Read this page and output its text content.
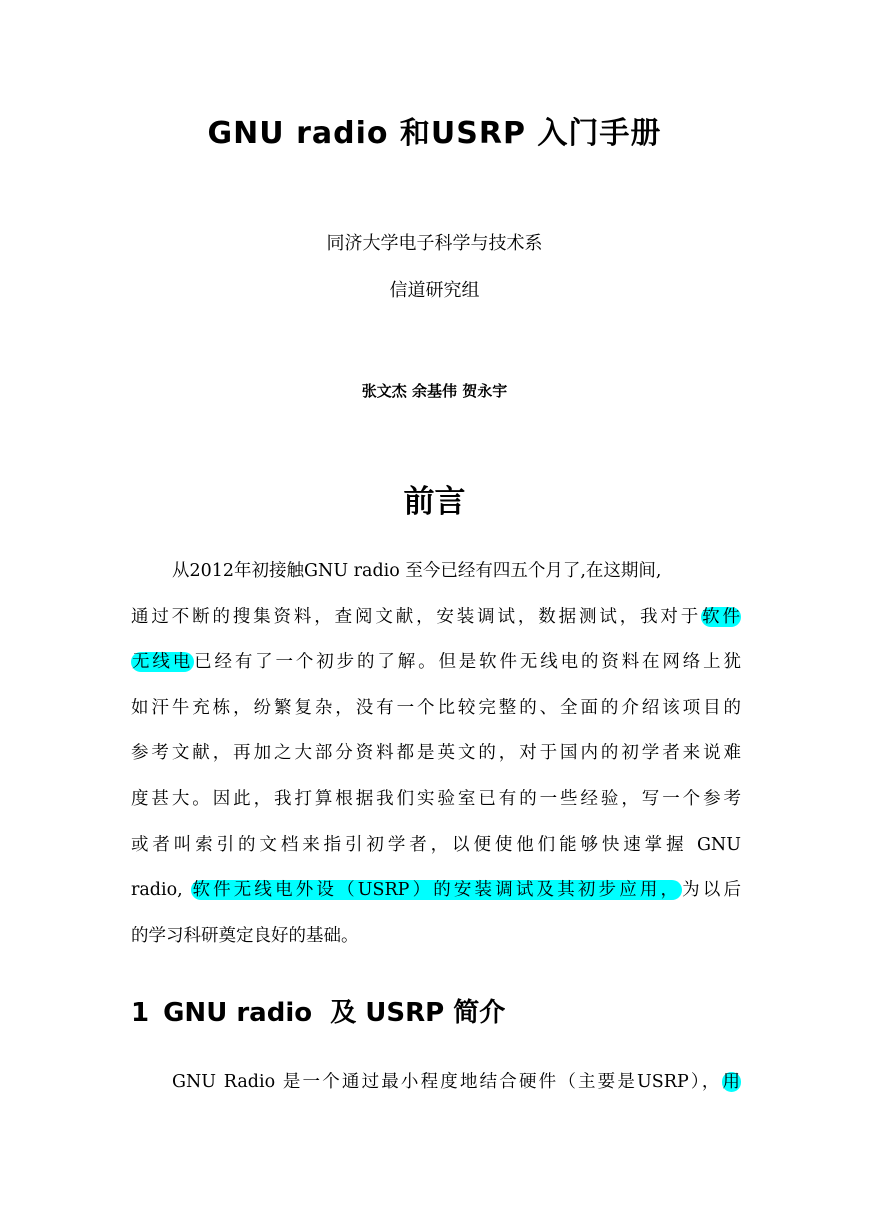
GNU radio 和USRP 入门手册

同济大学电子科学与技术系

信道研究组

张文杰 余基伟 贺永宇

前言
从2012年初接触GNU radio 至今已经有四五个月了,在这期间,
通过不断的搜集资料，查阅文献，安装调试，数据测试，我对于软件
无线电已经有了一个初步的了解。但是软件无线电的资料在网络上犹
如汗牛充栋，纷繁复杂，没有一个比较完整的、全面的介绍该项目的
参考文献，再加之大部分资料都是英文的，对于国内的初学者来说难
度甚大。因此，我打算根据我们实验室已有的一些经验，写一个参考
或者叫索引的文档来指引初学者，以便使他们能够快速掌握 GNU
radio, 软件无线电外设（USRP）的安装调试及其初步应用，为以后
的学习科研奠定良好的基础。
1 GNU radio  及 USRP 简介
GNU Radio 是一个通过最小程度地结合硬件（主要是USRP），用
